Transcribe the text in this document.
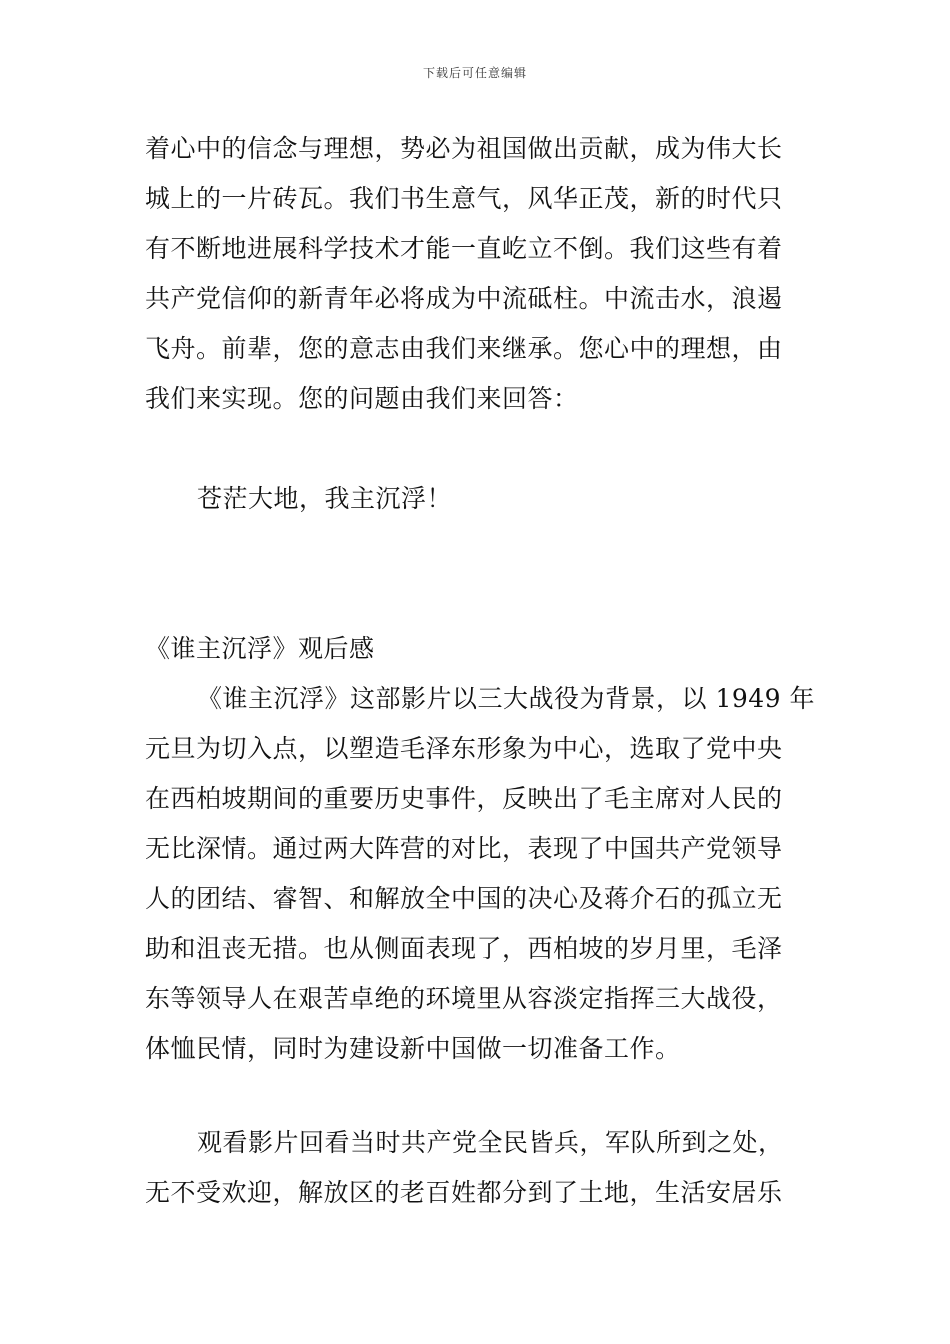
下载后可任意编辑
着心中的信念与理想，势必为祖国做出贡献，成为伟大长
城上的一片砖瓦。我们书生意气，风华正茂，新的时代只
有不断地进展科学技术才能一直屹立不倒。我们这些有着
共产党信仰的新青年必将成为中流砥柱。中流击水，浪遏
飞舟。前辈，您的意志由我们来继承。您心中的理想，由
我们来实现。您的问题由我们来回答：
苍茫大地，我主沉浮！
《谁主沉浮》观后感
《谁主沉浮》这部影片以三大战役为背景，以 1949 年
元旦为切入点，以塑造毛泽东形象为中心，选取了党中央
在西柏坡期间的重要历史事件，反映出了毛主席对人民的
无比深情。通过两大阵营的对比，表现了中国共产党领导
人的团结、睿智、和解放全中国的决心及蒋介石的孤立无
助和沮丧无措。也从侧面表现了，西柏坡的岁月里，毛泽
东等领导人在艰苦卓绝的环境里从容淡定指挥三大战役，
体恤民情，同时为建设新中国做一切准备工作。
观看影片回看当时共产党全民皆兵，军队所到之处，
无不受欢迎，解放区的老百姓都分到了土地，生活安居乐
